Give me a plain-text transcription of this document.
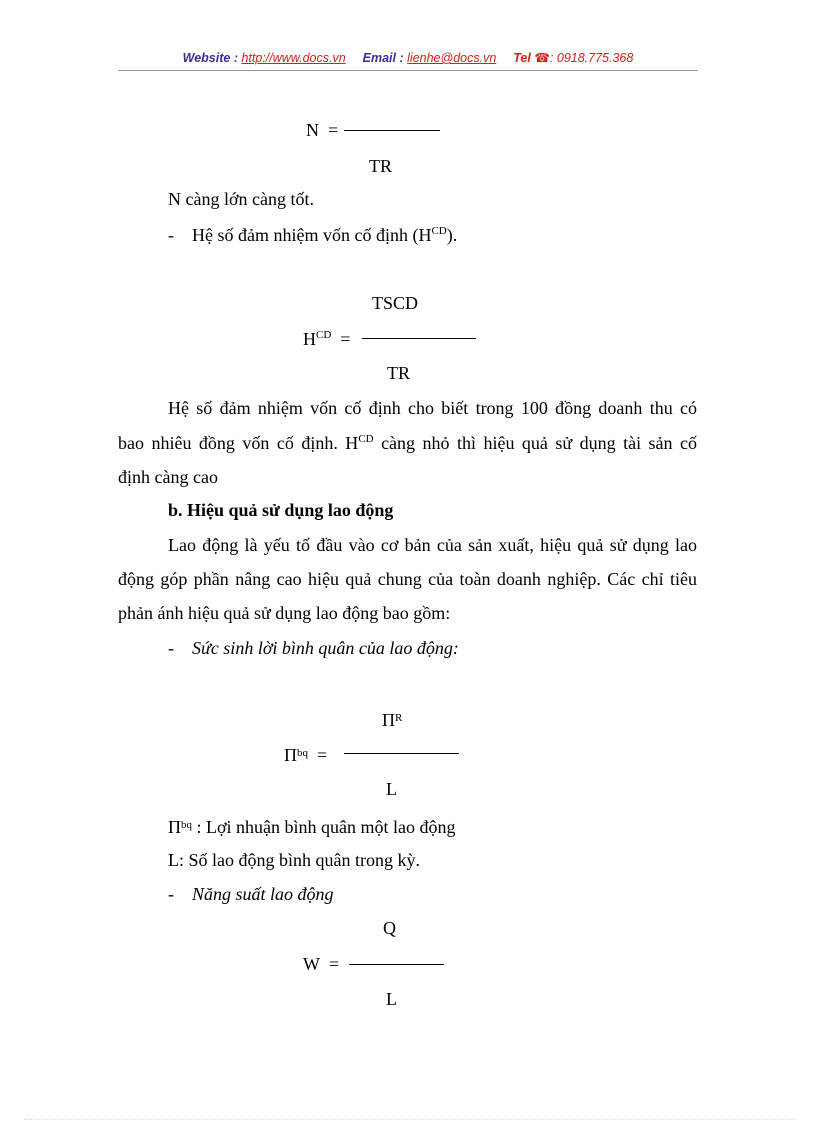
Website : http://www.docs.vn Email : lienhe@docs.vn Tel ☎: 0918.775.368
N =
TR
N càng lớn càng tốt.
- Hệ số đảm nhiệm vốn cố định $(H^{CD})$.
TSCD
$H^{CD}$ =
TR
Hệ số đảm nhiệm vốn cố định cho biết trong 100 đồng doanh thu có
bao nhiêu đồng vốn cố định. $H^{CD}$ càng nhỏ thì hiệu quả sử dụng tài sản cố
định càng cao
b. Hiệu quả sử dụng lao động
Lao động là yếu tố đầu vào cơ bản của sản xuất, hiệu quả sử dụng lao
động góp phần nâng cao hiệu quả chung của toàn doanh nghiệp. Các chỉ tiêu
phản ánh hiệu quả sử dụng lao động bao gồm:
- Sức sinh lời bình quân của lao động:
$\Pi^R$
$\Pi^{bq}$ =
L
$\Pi^{bq}$ : Lợi nhuận bình quân một lao động
L: Số lao động bình quân trong kỳ.
- Năng suất lao động
Q
W =
L
